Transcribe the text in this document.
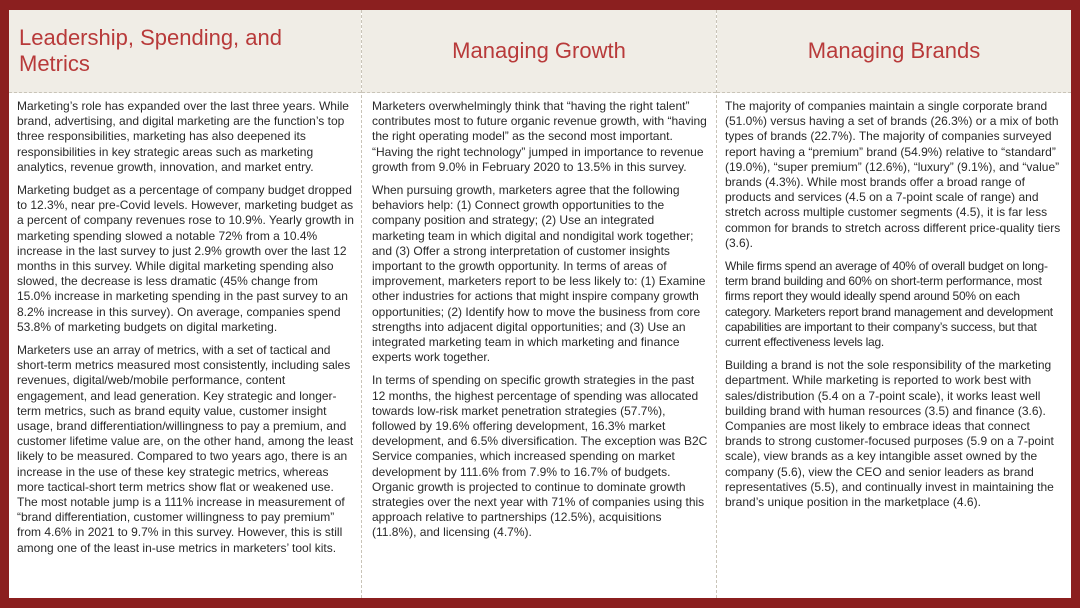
Leadership, Spending, and Metrics

Marketing’s role has expanded over the last three years. While brand, advertising, and digital marketing are the function’s top three responsibilities, marketing has also deepened its responsibilities in key strategic areas such as marketing analytics, revenue growth, innovation, and market entry.

Marketing budget as a percentage of company budget dropped to 12.3%, near pre-Covid levels. However, marketing budget as a percent of company revenues rose to 10.9%. Yearly growth in marketing spending slowed a notable 72% from a 10.4% increase in the last survey to just 2.9% growth over the last 12 months in this survey. While digital marketing spending also slowed, the decrease is less dramatic (45% change from 15.0% increase in marketing spending in the past survey to an 8.2% increase in this survey). On average, companies spend 53.8% of marketing budgets on digital marketing.

Marketers use an array of metrics, with a set of tactical and short-term metrics measured most consistently, including sales revenues, digital/web/mobile performance, content engagement, and lead generation. Key strategic and longer-term metrics, such as brand equity value, customer insight usage, brand differentiation/willingness to pay a premium, and customer lifetime value are, on the other hand, among the least likely to be measured. Compared to two years ago, there is an increase in the use of these key strategic metrics, whereas more tactical-short term metrics show flat or weakened use. The most notable jump is a 111% increase in measurement of “brand differentiation, customer willingness to pay premium” from 4.6% in 2021 to 9.7% in this survey. However, this is still among one of the least in-use metrics in marketers’ tool kits.

Managing Growth

Marketers overwhelmingly think that “having the right talent” contributes most to future organic revenue growth, with “having the right operating model” as the second most important. “Having the right technology” jumped in importance to revenue growth from 9.0% in February 2020 to 13.5% in this survey.

When pursuing growth, marketers agree that the following behaviors help: (1) Connect growth opportunities to the company position and strategy; (2) Use an integrated marketing team in which digital and nondigital work together; and (3) Offer a strong interpretation of customer insights important to the growth opportunity. In terms of areas of improvement, marketers report to be less likely to: (1) Examine other industries for actions that might inspire company growth opportunities; (2) Identify how to move the business from core strengths into adjacent digital opportunities; and (3) Use an integrated marketing team in which marketing and finance experts work together.

In terms of spending on specific growth strategies in the past 12 months, the highest percentage of spending was allocated towards low-risk market penetration strategies (57.7%), followed by 19.6% offering development, 16.3% market development, and 6.5% diversification. The exception was B2C Service companies, which increased spending on market development by 111.6% from 7.9% to 16.7% of budgets. Organic growth is projected to continue to dominate growth strategies over the next year with 71% of companies using this approach relative to partnerships (12.5%), acquisitions (11.8%), and licensing (4.7%).

Managing Brands

The majority of companies maintain a single corporate brand (51.0%) versus having a set of brands (26.3%) or a mix of both types of brands (22.7%). The majority of companies surveyed report having a “premium” brand (54.9%) relative to “standard” (19.0%), “super premium” (12.6%), “luxury” (9.1%), and “value” brands (4.3%). While most brands offer a broad range of products and services (4.5 on a 7-point scale of range) and stretch across multiple customer segments (4.5), it is far less common for brands to stretch across different price-quality tiers (3.6).

While firms spend an average of 40% of overall budget on long-term brand building and 60% on short-term performance, most firms report they would ideally spend around 50% on each category. Marketers report brand management and development capabilities are important to their company’s success, but that current effectiveness levels lag.

Building a brand is not the sole responsibility of the marketing department. While marketing is reported to work best with sales/distribution (5.4 on a 7-point scale), it works least well building brand with human resources (3.5) and finance (3.6). Companies are most likely to embrace ideas that connect brands to strong customer-focused purposes (5.9 on a 7-point scale), view brands as a key intangible asset owned by the company (5.6), view the CEO and senior leaders as brand representatives (5.5), and continually invest in maintaining the brand’s unique position in the marketplace (4.6).
